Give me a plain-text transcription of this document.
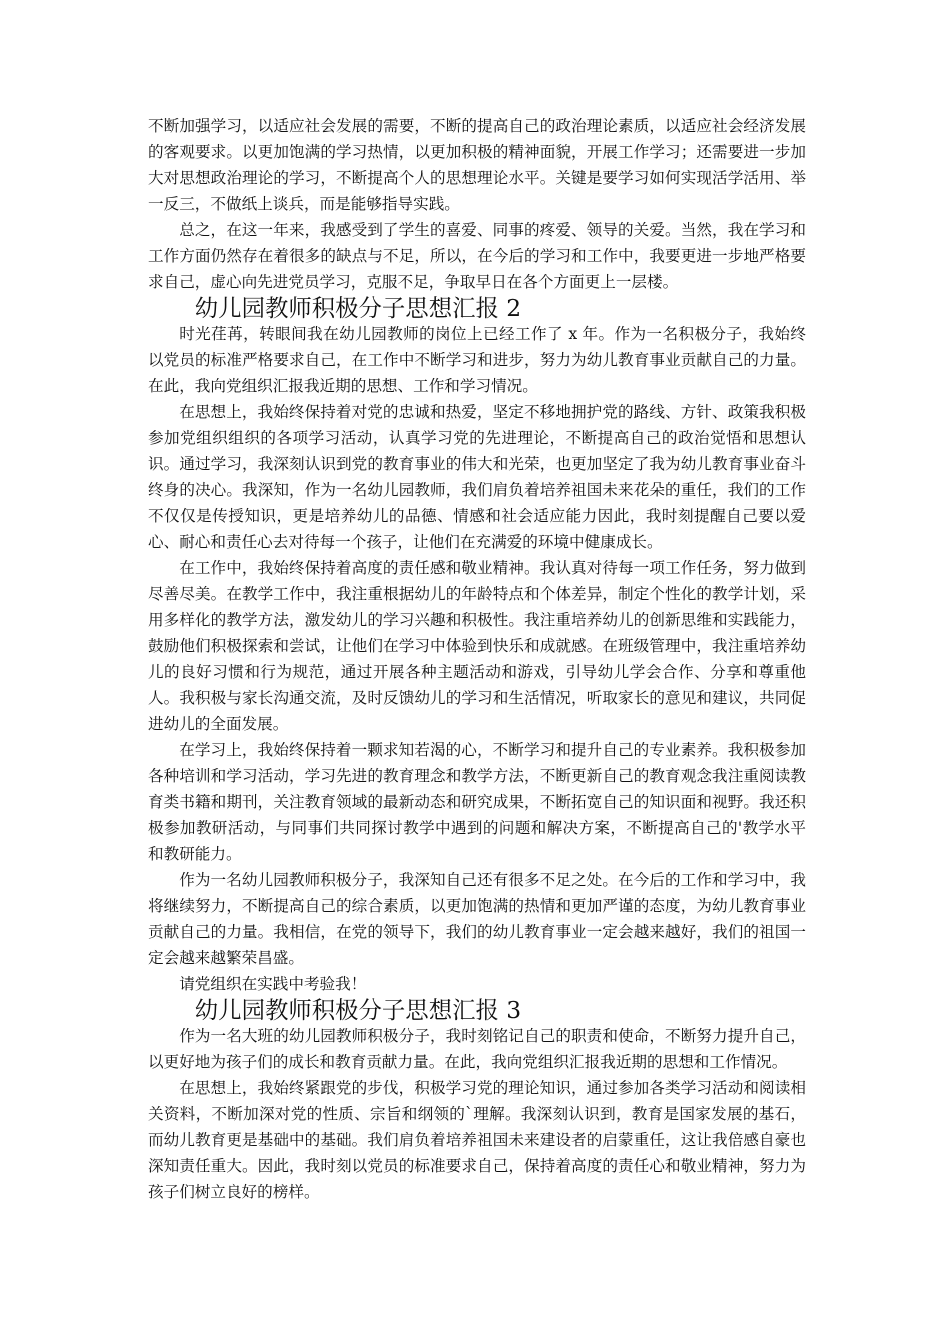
不断加强学习，以适应社会发展的需要，不断的提高自己的政治理论素质，以适应社会经济发展的客观要求。以更加饱满的学习热情，以更加积极的精神面貌，开展工作学习；还需要进一步加大对思想政治理论的学习，不断提高个人的思想理论水平。关键是要学习如何实现活学活用、举一反三，不做纸上谈兵，而是能够指导实践。

总之，在这一年来，我感受到了学生的喜爱、同事的疼爱、领导的关爱。当然，我在学习和工作方面仍然存在着很多的缺点与不足，所以，在今后的学习和工作中，我要更进一步地严格要求自己，虚心向先进党员学习，克服不足，争取早日在各个方面更上一层楼。

幼儿园教师积极分子思想汇报 2

时光荏苒，转眼间我在幼儿园教师的岗位上已经工作了 x 年。作为一名积极分子，我始终以党员的标准严格要求自己，在工作中不断学习和进步，努力为幼儿教育事业贡献自己的力量。在此，我向党组织汇报我近期的思想、工作和学习情况。

在思想上，我始终保持着对党的忠诚和热爱，坚定不移地拥护党的路线、方针、政策我积极参加党组织组织的各项学习活动，认真学习党的先进理论，不断提高自己的政治觉悟和思想认识。通过学习，我深刻认识到党的教育事业的伟大和光荣，也更加坚定了我为幼儿教育事业奋斗终身的决心。我深知，作为一名幼儿园教师，我们肩负着培养祖国未来花朵的重任，我们的工作不仅仅是传授知识，更是培养幼儿的品德、情感和社会适应能力因此，我时刻提醒自己要以爱心、耐心和责任心去对待每一个孩子，让他们在充满爱的环境中健康成长。

在工作中，我始终保持着高度的责任感和敬业精神。我认真对待每一项工作任务，努力做到尽善尽美。在教学工作中，我注重根据幼儿的年龄特点和个体差异，制定个性化的教学计划，采用多样化的教学方法，激发幼儿的学习兴趣和积极性。我注重培养幼儿的创新思维和实践能力，鼓励他们积极探索和尝试，让他们在学习中体验到快乐和成就感。在班级管理中，我注重培养幼儿的良好习惯和行为规范，通过开展各种主题活动和游戏，引导幼儿学会合作、分享和尊重他人。我积极与家长沟通交流，及时反馈幼儿的学习和生活情况，听取家长的意见和建议，共同促进幼儿的全面发展。

在学习上，我始终保持着一颗求知若渴的心，不断学习和提升自己的专业素养。我积极参加各种培训和学习活动，学习先进的教育理念和教学方法，不断更新自己的教育观念我注重阅读教育类书籍和期刊，关注教育领域的最新动态和研究成果，不断拓宽自己的知识面和视野。我还积极参加教研活动，与同事们共同探讨教学中遇到的问题和解决方案，不断提高自己的'教学水平和教研能力。

作为一名幼儿园教师积极分子，我深知自己还有很多不足之处。在今后的工作和学习中，我将继续努力，不断提高自己的综合素质，以更加饱满的热情和更加严谨的态度，为幼儿教育事业贡献自己的力量。我相信，在党的领导下，我们的幼儿教育事业一定会越来越好，我们的祖国一定会越来越繁荣昌盛。

请党组织在实践中考验我！

幼儿园教师积极分子思想汇报 3

作为一名大班的幼儿园教师积极分子，我时刻铭记自己的职责和使命，不断努力提升自己，以更好地为孩子们的成长和教育贡献力量。在此，我向党组织汇报我近期的思想和工作情况。

在思想上，我始终紧跟党的步伐，积极学习党的理论知识，通过参加各类学习活动和阅读相关资料，不断加深对党的性质、宗旨和纲领的`理解。我深刻认识到，教育是国家发展的基石，而幼儿教育更是基础中的基础。我们肩负着培养祖国未来建设者的启蒙重任，这让我倍感自豪也深知责任重大。因此，我时刻以党员的标准要求自己，保持着高度的责任心和敬业精神，努力为孩子们树立良好的榜样。
